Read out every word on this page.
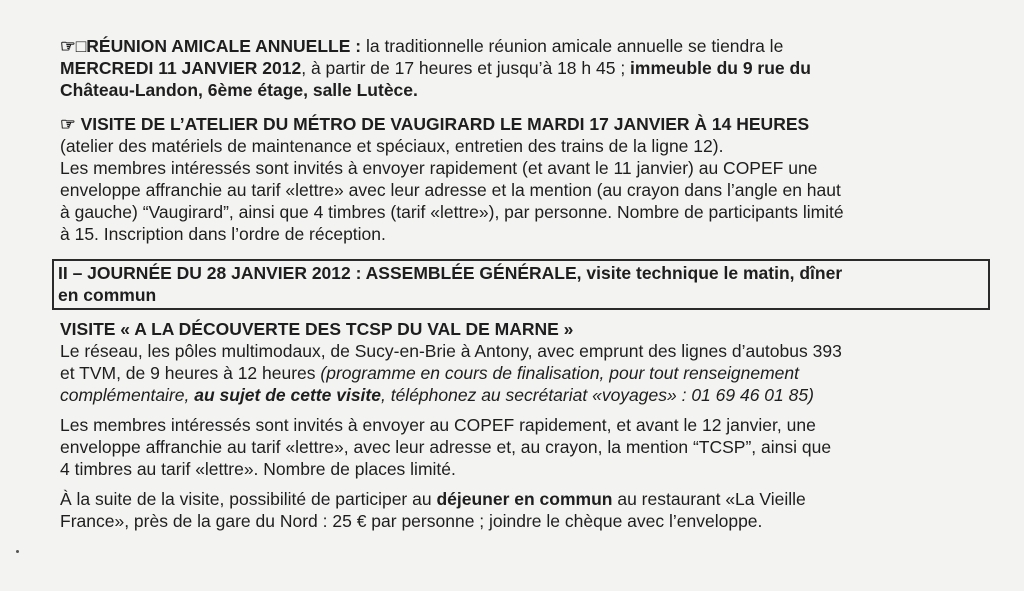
☞□RÉUNION AMICALE ANNUELLE : la traditionnelle réunion amicale annuelle se tiendra le
MERCREDI 11 JANVIER 2012, à partir de 17 heures et jusqu’à 18 h 45 ; immeuble du 9 rue du
Château-Landon, 6ème étage, salle Lutèce.

☞ VISITE DE L’ATELIER DU MÉTRO DE VAUGIRARD LE MARDI 17 JANVIER À 14 HEURES

(atelier des matériels de maintenance et spéciaux, entretien des trains de la ligne 12).

Les membres intéressés sont invités à envoyer rapidement (et avant le 11 janvier) au COPEF une

enveloppe affranchie au tarif «lettre» avec leur adresse et la mention (au crayon dans l’angle en haut

à gauche) “Vaugirard”, ainsi que 4 timbres (tarif «lettre»), par personne. Nombre de participants limité

à 15. Inscription dans l’ordre de réception.

II – JOURNÉE DU 28 JANVIER 2012 : ASSEMBLÉE GÉNÉRALE, visite technique le matin, dîner

en commun

VISITE « A LA DÉCOUVERTE DES TCSP DU VAL DE MARNE »

Le réseau, les pôles multimodaux, de Sucy-en-Brie à Antony, avec emprunt des lignes d’autobus 393

et TVM, de 9 heures à 12 heures (programme en cours de finalisation, pour tout renseignement

complémentaire, au sujet de cette visite, téléphonez au secrétariat «voyages» : 01 69 46 01 85)

Les membres intéressés sont invités à envoyer au COPEF rapidement, et avant le 12 janvier, une

enveloppe affranchie au tarif «lettre», avec leur adresse et, au crayon, la mention “TCSP”, ainsi que

4 timbres au tarif «lettre». Nombre de places limité.

À la suite de la visite, possibilité de participer au déjeuner en commun au restaurant «La Vieille

France», près de la gare du Nord : 25 € par personne ; joindre le chèque avec l’enveloppe.
